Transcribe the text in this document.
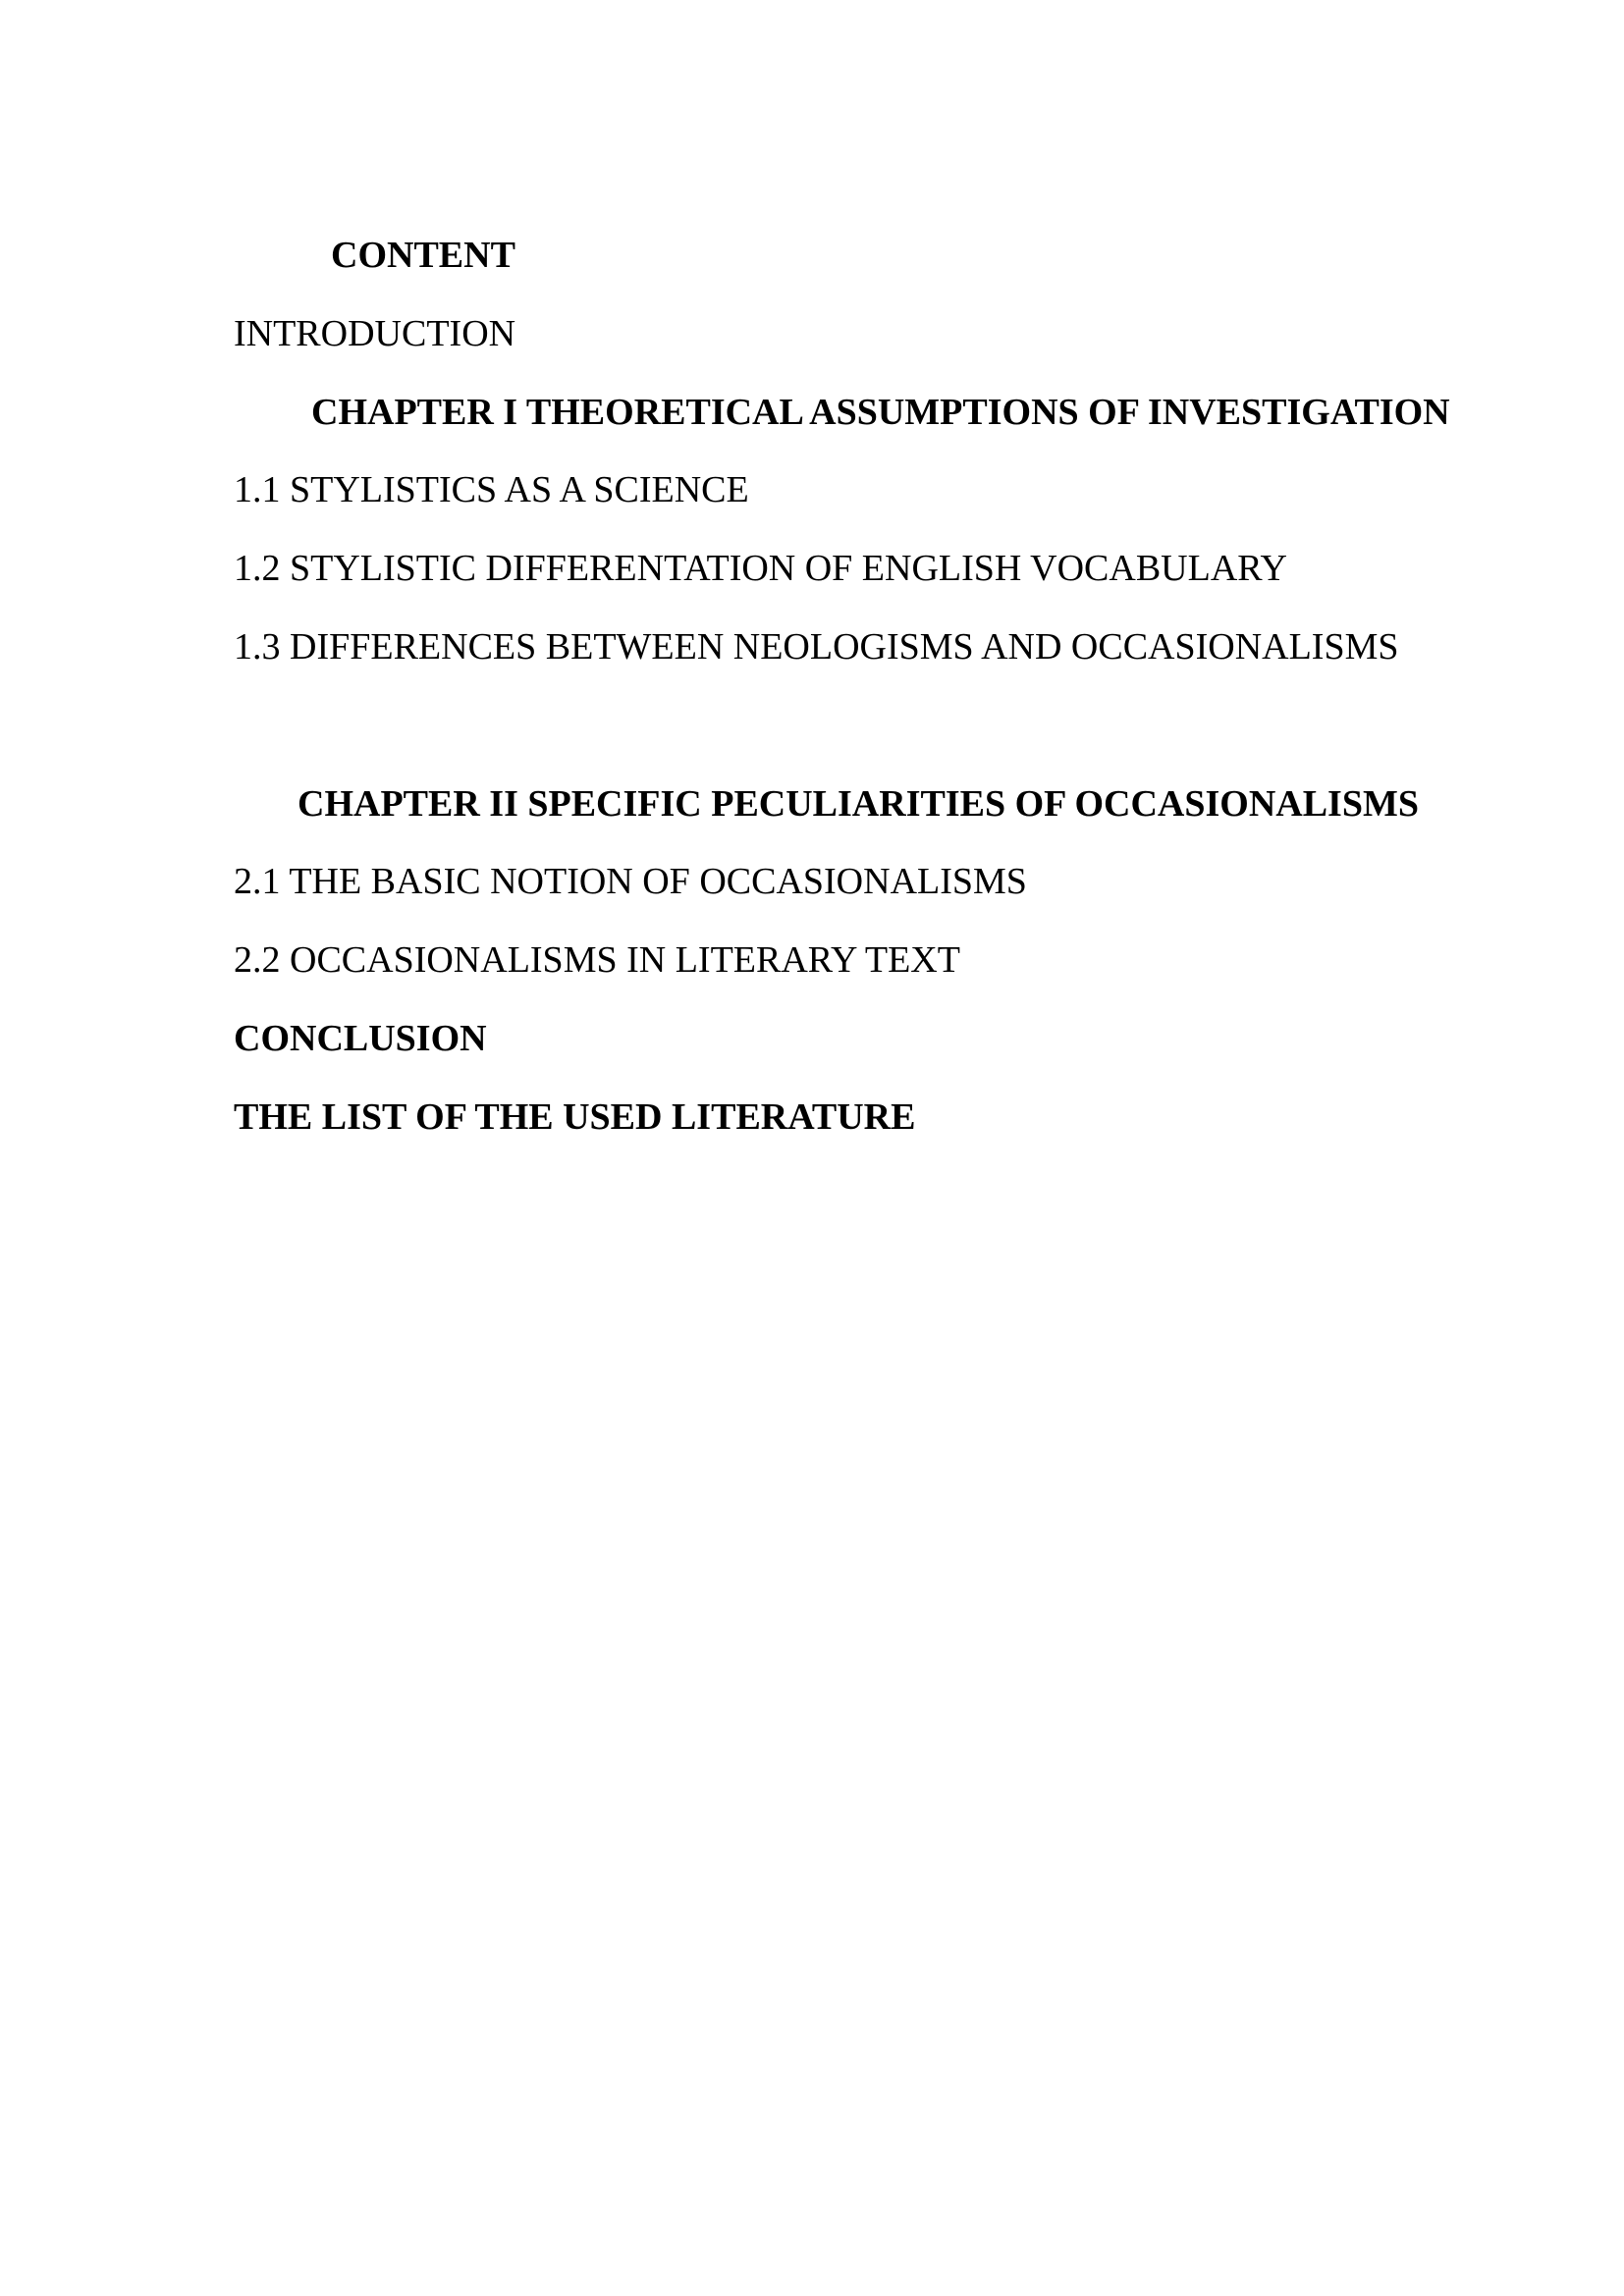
CONTENT
INTRODUCTION
CHAPTER I THEORETICAL ASSUMPTIONS OF INVESTIGATION
1.1 STYLISTICS AS A SCIENCE
1.2 STYLISTIC DIFFERENTATION OF ENGLISH VOCABULARY
1.3 DIFFERENCES BETWEEN NEOLOGISMS AND OCCASIONALISMS
CHAPTER II SPECIFIC PECULIARITIES OF OCCASIONALISMS
2.1 THE BASIC NOTION OF OCCASIONALISMS
2.2 OCCASIONALISMS IN LITERARY TEXT
CONCLUSION
THE LIST OF THE USED LITERATURE
